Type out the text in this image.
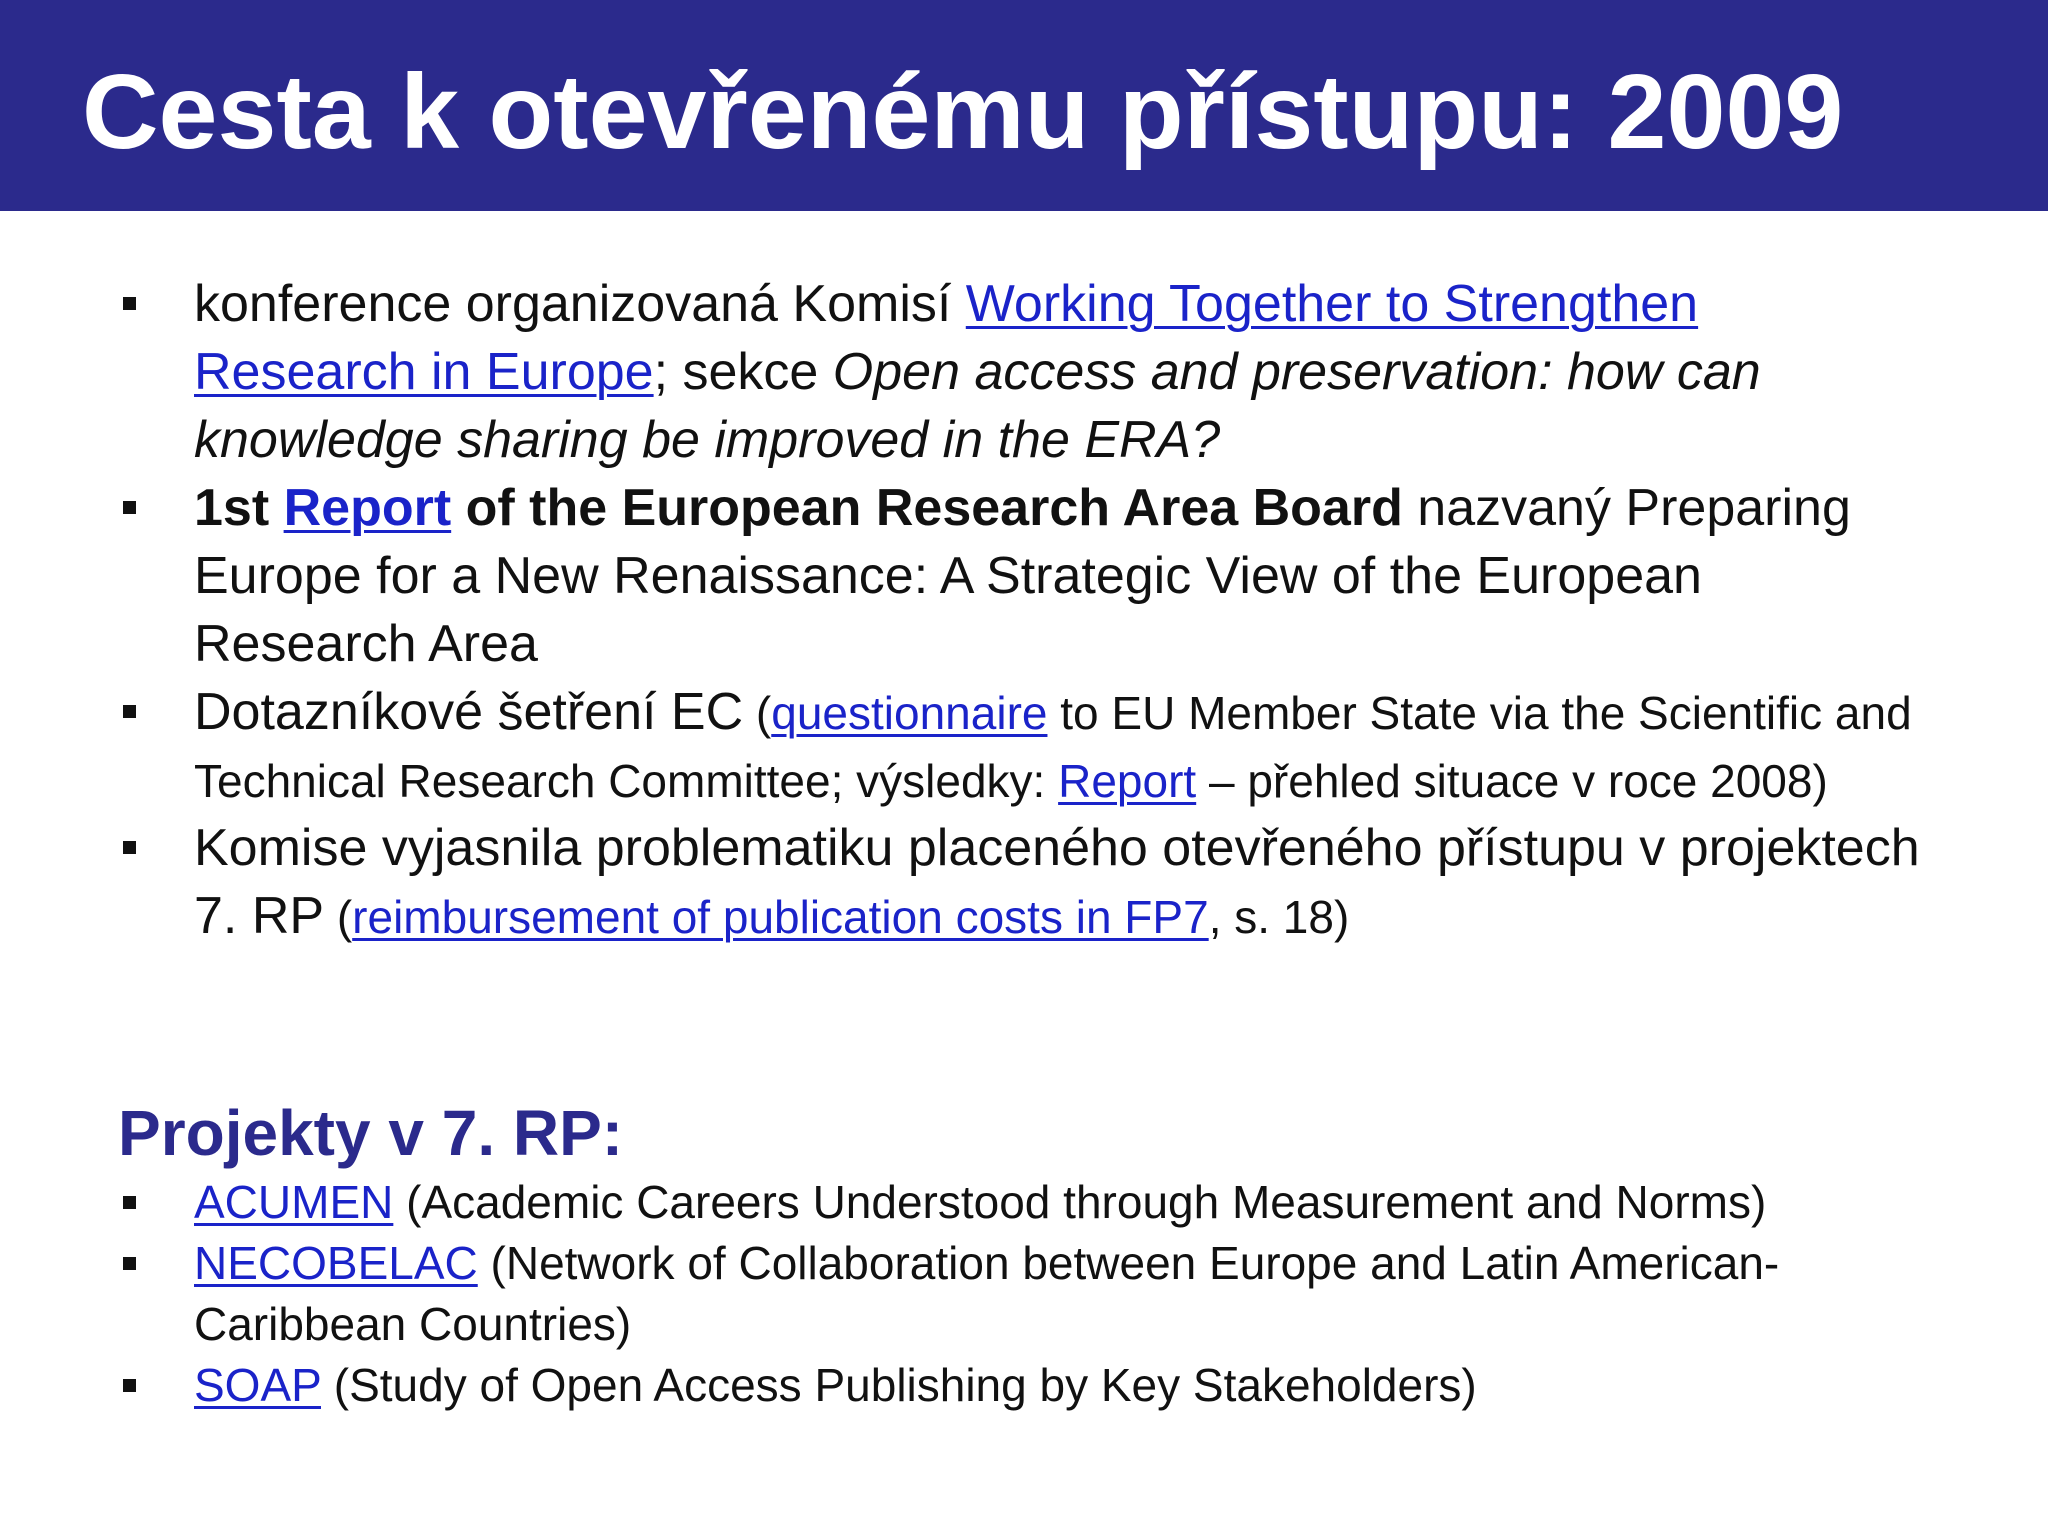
Cesta k otevřenému přístupu: 2009
konference organizovaná Komisí Working Together to Strengthen Research in Europe; sekce Open access and preservation: how can knowledge sharing be improved in the ERA?
1st Report of the European Research Area Board nazvaný Preparing Europe for a New Renaissance: A Strategic View of the European Research Area
Dotazníkové šetření EC (questionnaire to EU Member State via the Scientific and Technical Research Committee; výsledky: Report – přehled situace v roce 2008)
Komise vyjasnila problematiku placeného otevřeného přístupu v projektech 7. RP (reimbursement of publication costs in FP7, s. 18)
Projekty v 7. RP:
ACUMEN (Academic Careers Understood through Measurement and Norms)
NECOBELAC (Network of Collaboration between Europe and Latin American-Caribbean Countries)
SOAP (Study of Open Access Publishing by Key Stakeholders)
